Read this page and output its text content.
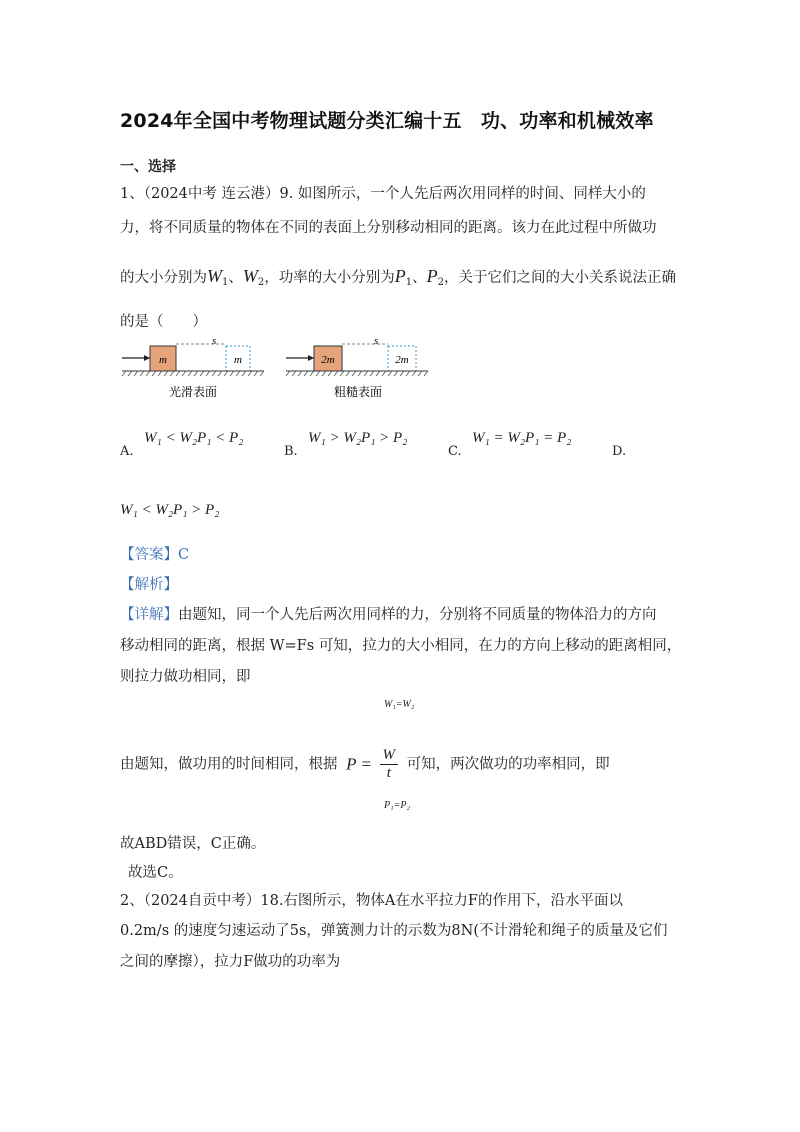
2024年全国中考物理试题分类汇编十五　功、功率和机械效率
一、选择
1、（2024中考 连云港）9. 如图所示，一个人先后两次用同样的时间、同样大小的
力，将不同质量的物体在不同的表面上分别移动相同的距离。该力在此过程中所做功
的大小分别为$W_1$、$W_2$，功率的大小分别为$P_1$、$P_2$，关于它们之间的大小关系说法正确
的是（　　）
m	m
s
光滑表面
2m	2m
s
粗糙表面
A.
W₁ < W₂P₁ < P₂
B.
W₁ > W₂P₁ > P₂
C.
W₁ = W₂P₁ = P₂
D.
W₁ < W₂P₁ > P₂
【答案】C
【解析】
【详解】由题知，同一个人先后两次用同样的力，分别将不同质量的物体沿力的方向
移动相同的距离，根据 W=Fs 可知，拉力的大小相同，在力的方向上移动的距离相同，
则拉力做功相同，即
W₁=W₂
由题知，做功用的时间相同，根据 $P = \frac{W}{t}$ 可知，两次做功的功率相同，即
P₁=P₂
故ABD错误，C正确。
故选C。
2、（2024自贡中考）18.右图所示，物体A在水平拉力F的作用下，沿水平面以
0.2m/s 的速度匀速运动了5s，弹簧测力计的示数为8N(不计滑轮和绳子的质量及它们
之间的摩擦），拉力F做功的功率为
